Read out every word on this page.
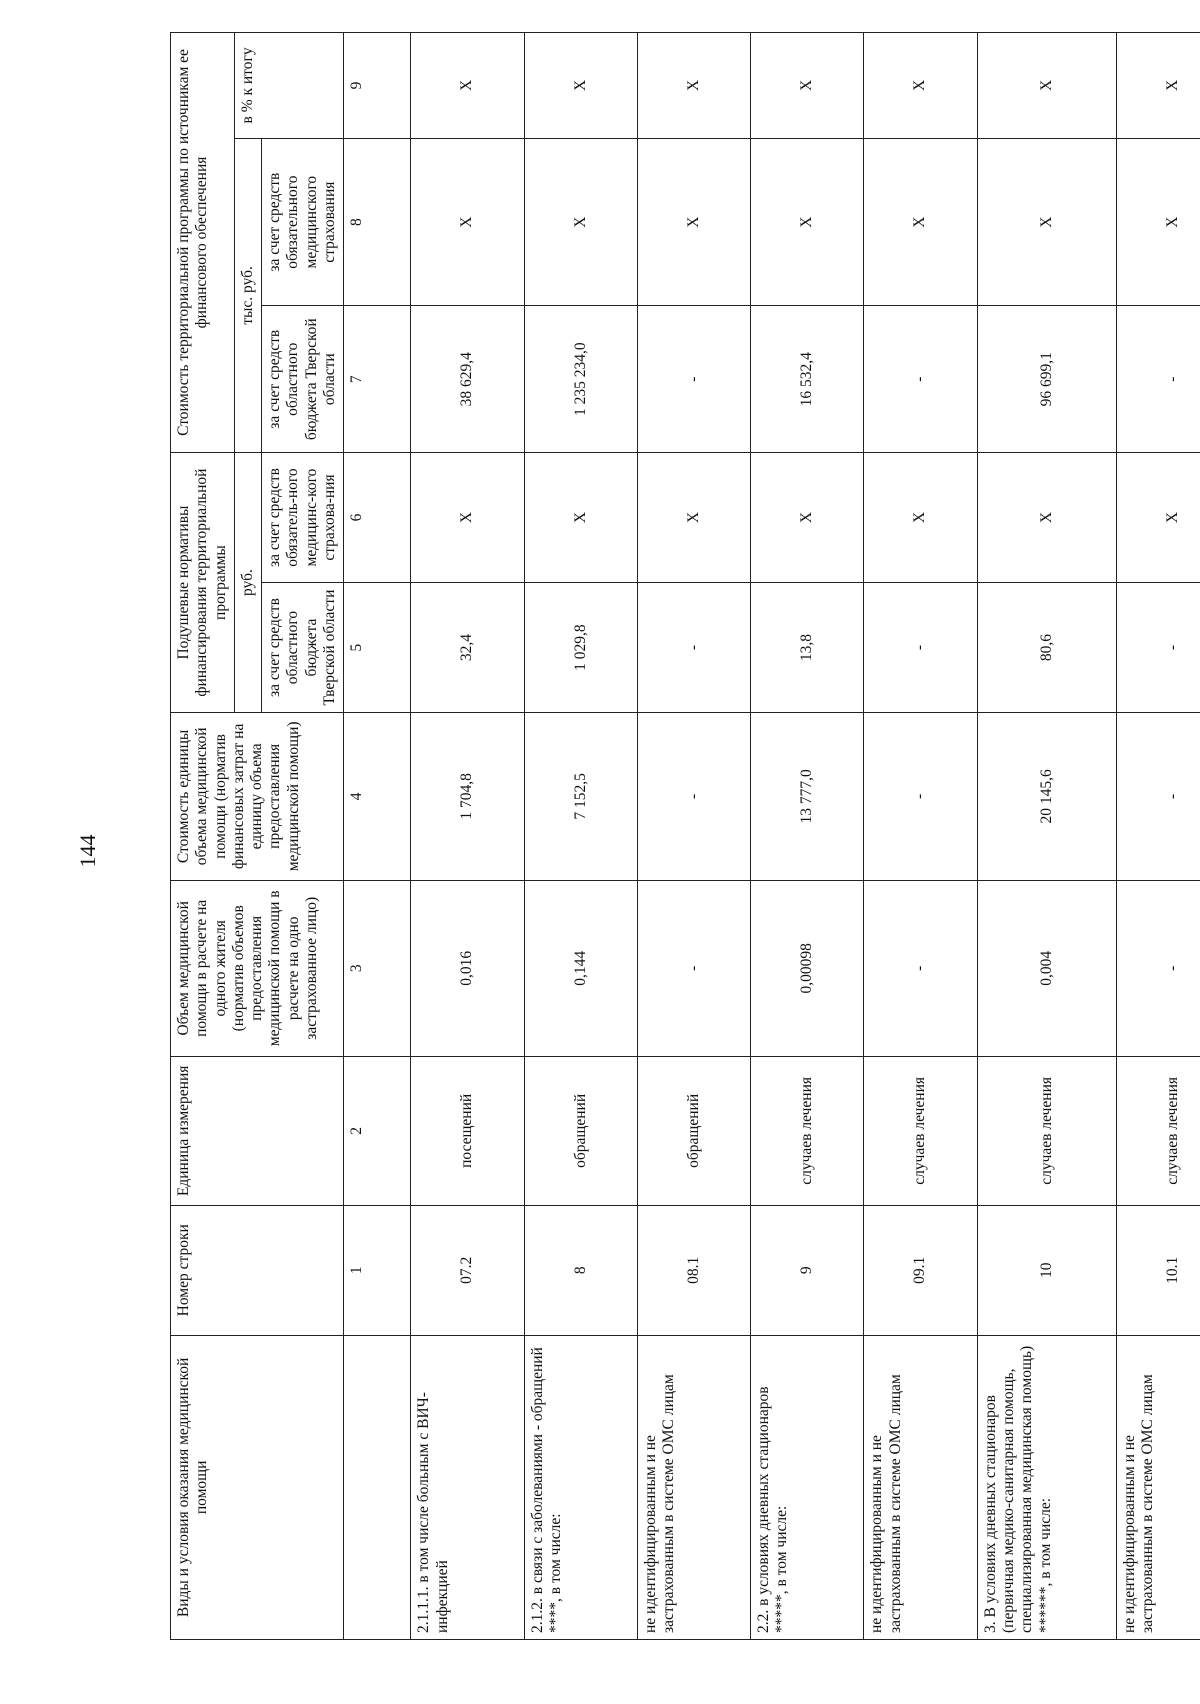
144
Виды и условия оказания медицинской помощи	Номер строки	Единица измерения	Объем медицинской помощи в расчете на одного жителя (норматив объемов предоставления медицинской помощи в расчете на одно застрахованное лицо)	Стоимость единицы объема медицинской помощи (норматив финансовых затрат на единицу объема предоставления медицинской помощи)	Подушевые нормативы финансирования территориальной программы		Стоимость территориальной программы по источникам ее финансового обеспечения		
					руб.		тыс. руб.		в % к итогу
					за счет средств областного бюджета Тверской области	за счет средств обязатель-ного медицинс-кого страхова-ния	за счет средств областного бюджета Тверской области	за счет средств обязательного медицинского страхования	
	1	2	3	4	5	6	7	8	9
2.1.1.1. в том числе больным с ВИЧ-инфекцией	07.2	посещений	0,016	1 704,8	32,4	X	38 629,4	X	X
2.1.2. в связи с заболеваниями - обращений ****, в том числе:	8	обращений	0,144	7 152,5	1 029,8	X	1 235 234,0	X	X
не идентифицированным и не застрахованным в системе ОМС лицам	08.1	обращений	-	-	-	X	-	X	X
2.2. в условиях дневных стационаров *****, в том числе:	9	случаев лечения	0,00098	13 777,0	13,8	X	16 532,4	X	X
не идентифицированным и не застрахованным в системе ОМС лицам	09.1	случаев лечения	-	-	-	X	-	X	X
3. В условиях дневных стационаров (первичная медико-санитарная помощь, специализированная медицинская помощь) ******, в том числе:	10	случаев лечения	0,004	20 145,6	80,6	X	96 699,1	X	X
не идентифицированным и не застрахованным в системе ОМС лицам	10.1	случаев лечения	-	-	-	X	-	X	X
